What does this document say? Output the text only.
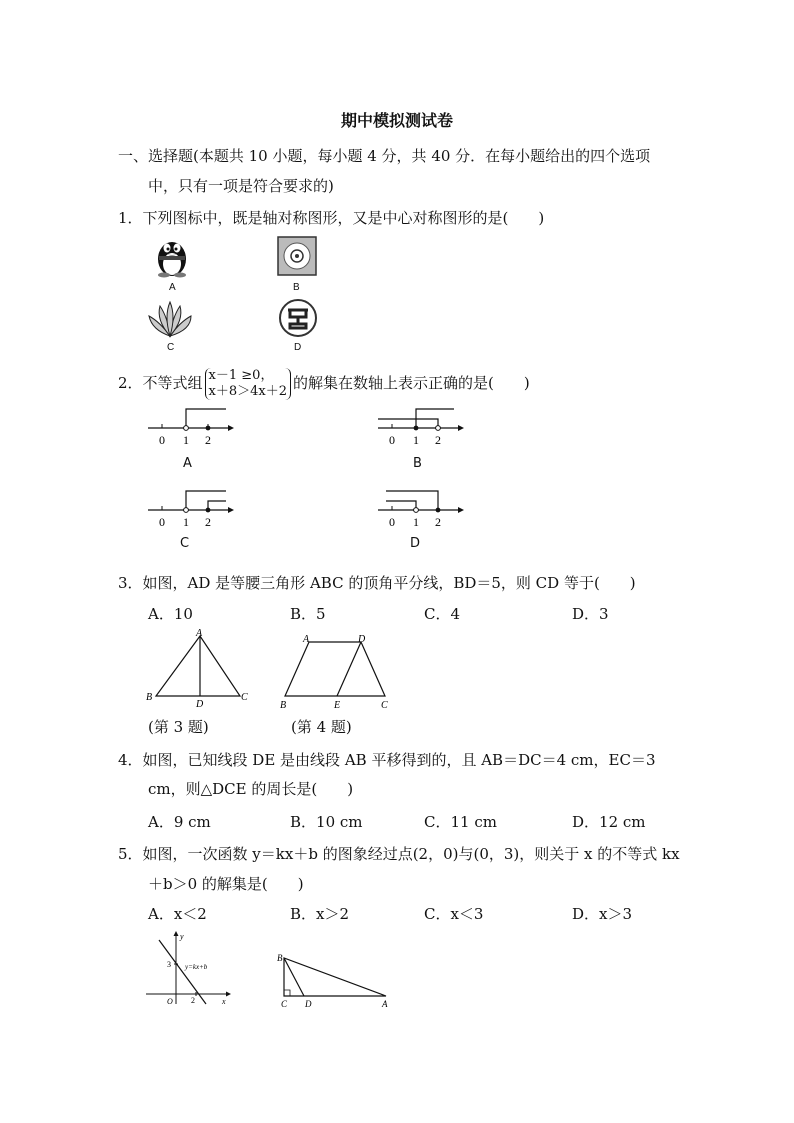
期中模拟测试卷
一、选择题(本题共 10 小题，每小题 4 分，共 40 分．在每小题给出的四个选项
中，只有一项是符合要求的)
1．下列图标中，既是轴对称图形，又是中心对称图形的是(　　)
A	B
C	D
2．不等式组 x－1 ≥0，
x＋8＞4x＋2 的解集在数轴上表示正确的是(　　)
0 1 2
A
0 1 2
B
0 1 2
C
0 1 2
D
3．如图，AD 是等腰三角形 ABC 的顶角平分线，BD＝5，则 CD 等于(　　)
A．10	B．5	C．4	D．3
A
B
D
C
(第 3 题)
A	D
B	E	C
(第 4 题)
4．如图，已知线段 DE 是由线段 AB 平移得到的，且 AB＝DC＝4 cm，EC＝3
cm，则△DCE 的周长是(　　)
A．9 cm	B．10 cm	C．11 cm	D．12 cm
5．如图，一次函数 y＝kx＋b 的图象经过点(2，0)与(0，3)，则关于 x 的不等式 kx
＋b＞0 的解集是(　　)
A．x＜2	B．x＞2	C．x＜3	D．x＞3
y
x
O
3
2
y=kx+b
B
C D	A
